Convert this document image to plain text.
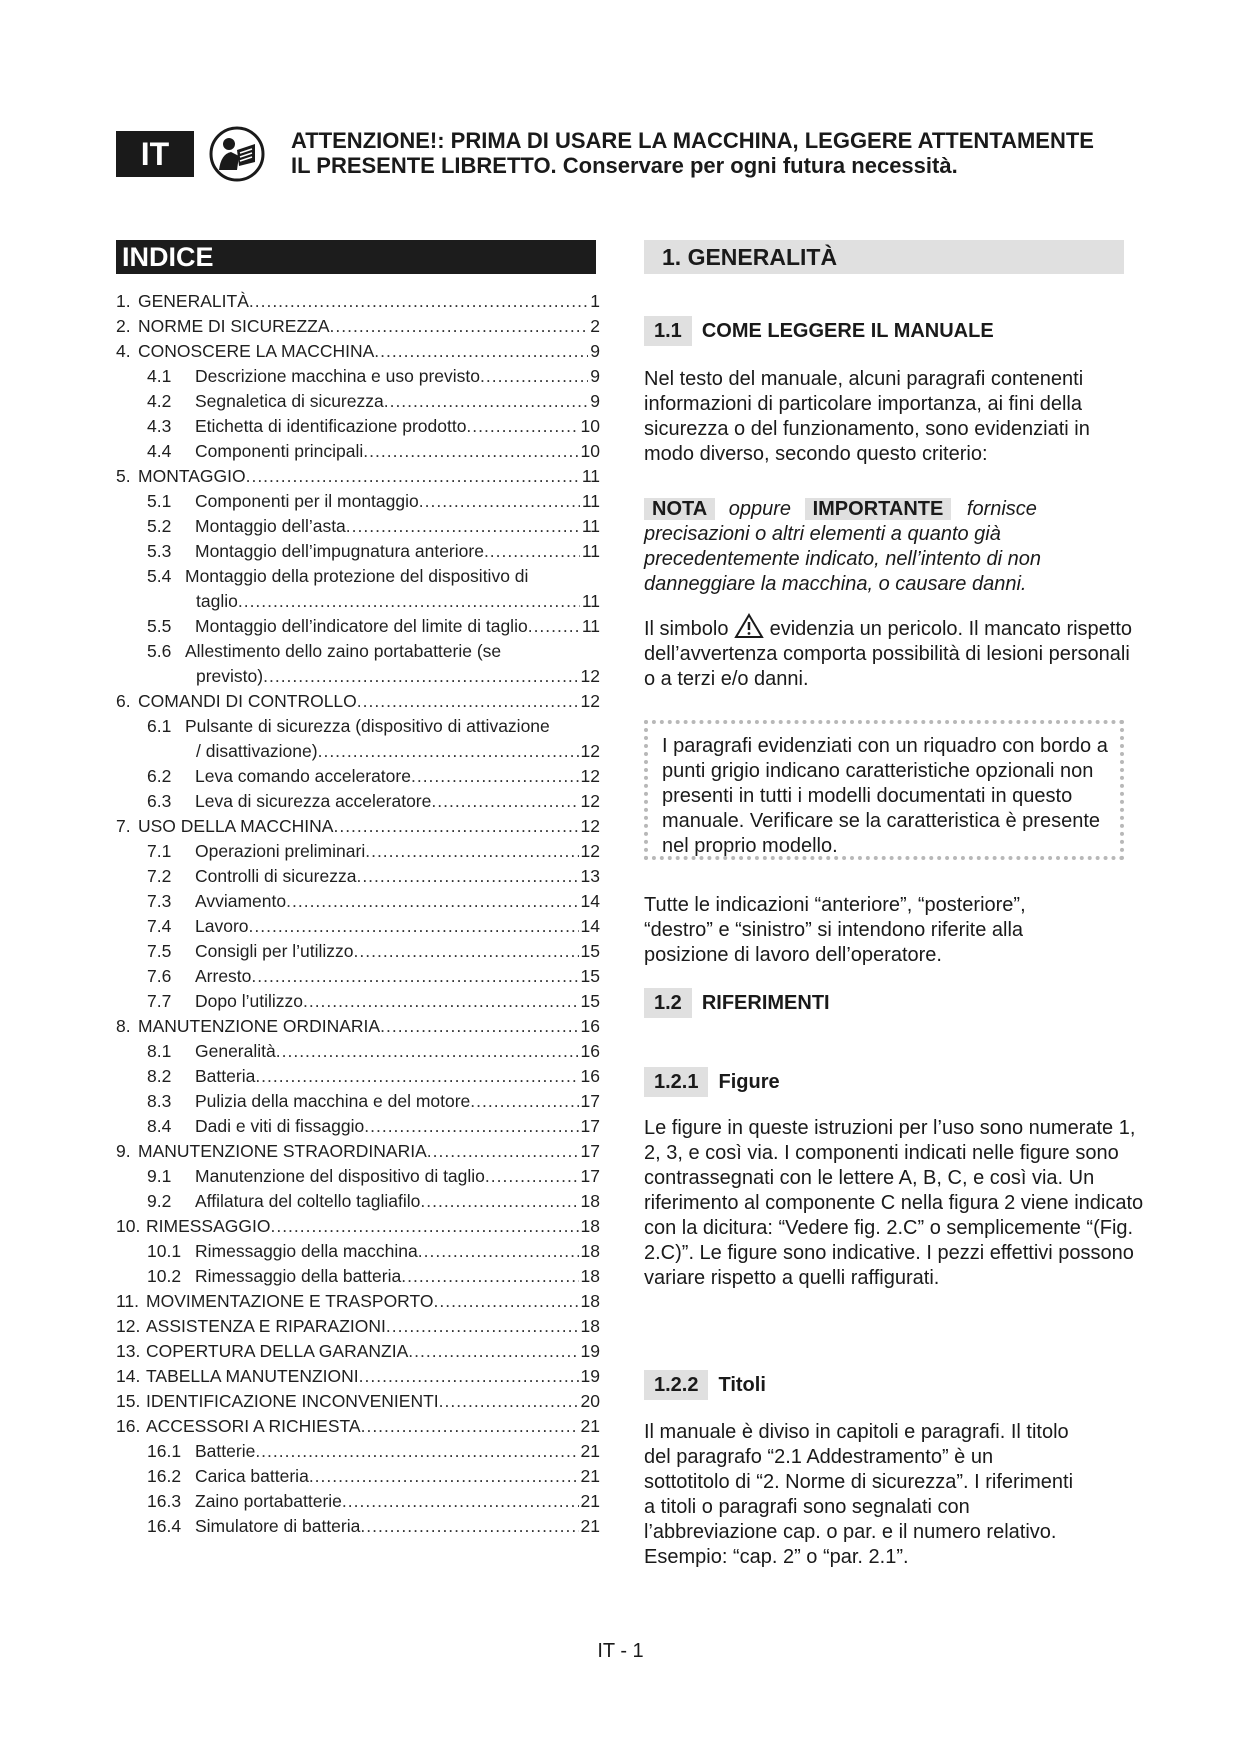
IT	ATTENZIONE!: PRIMA DI USARE LA MACCHINA, LEGGERE ATTENTAMENTE
IL PRESENTE LIBRETTO. Conservare per ogni futura necessità.
INDICE
1. GENERALITÀ .....	1
2. NORME DI SICUREZZA .....	2
4. CONOSCERE LA MACCHINA .....	9
4.1	Descrizione macchina e uso previsto .....	9
4.2	Segnaletica di sicurezza .....	9
4.3	Etichetta di identificazione prodotto .....	10
4.4	Componenti principali .....	10
5. MONTAGGIO .....	11
5.1	Componenti per il montaggio .....	11
5.2	Montaggio dell’asta .....	11
5.3	Montaggio dell’impugnatura anteriore .....	11
5.4 Montaggio della protezione del dispositivo di
taglio .....	11
5.5	Montaggio dell’indicatore del limite di taglio .....	11
5.6 Allestimento dello zaino portabatterie (se
previsto) .....	12
6. COMANDI DI CONTROLLO .....	12
6.1 Pulsante di sicurezza (dispositivo di attivazione
/ disattivazione) .....	12
6.2	Leva comando acceleratore .....	12
6.3	Leva di sicurezza acceleratore .....	12
7. USO DELLA MACCHINA .....	12
7.1	Operazioni preliminari .....	12
7.2	Controlli di sicurezza .....	13
7.3	Avviamento .....	14
7.4	Lavoro .....	14
7.5	Consigli per l’utilizzo .....	15
7.6	Arresto .....	15
7.7	Dopo l’utilizzo .....	15
8. MANUTENZIONE ORDINARIA .....	16
8.1	Generalità .....	16
8.2	Batteria .....	16
8.3	Pulizia della macchina e del motore .....	17
8.4	Dadi e viti di fissaggio .....	17
9. MANUTENZIONE STRAORDINARIA .....	17
9.1	Manutenzione del dispositivo di taglio .....	17
9.2	Affilatura del coltello tagliafilo .....	18
10. RIMESSAGGIO .....	18
10.1 Rimessaggio della macchina .....	18
10.2 Rimessaggio della batteria .....	18
11. MOVIMENTAZIONE E TRASPORTO .....	18
12. ASSISTENZA E RIPARAZIONI .....	18
13. COPERTURA DELLA GARANZIA .....	19
14. TABELLA MANUTENZIONI .....	19
15. IDENTIFICAZIONE INCONVENIENTI .....	20
16. ACCESSORI A RICHIESTA .....	21
16.1 Batterie .....	21
16.2 Carica batteria .....	21
16.3 Zaino portabatterie .....	21
16.4 Simulatore di batteria .....	21
1. GENERALITÀ
1.1	COME LEGGERE IL MANUALE
Nel testo del manuale, alcuni paragrafi contenenti informazioni di particolare importanza, ai fini della sicurezza o del funzionamento, sono evidenziati in modo diverso, secondo questo criterio:
NOTA oppure IMPORTANTE fornisce precisazioni o altri elementi a quanto già precedentemente indicato, nell’intento di non danneggiare la macchina, o causare danni.
Il simbolo evidenzia un pericolo. Il mancato rispetto dell’avvertenza comporta possibilità di lesioni personali o a terzi e/o danni.
I paragrafi evidenziati con un riquadro con bordo a punti grigio indicano caratteristiche opzionali non presenti in tutti i modelli documentati in questo manuale. Verificare se la caratteristica è presente nel proprio modello.
Tutte le indicazioni “anteriore”, “posteriore”, “destro” e “sinistro” si intendono riferite alla posizione di lavoro dell’operatore.
1.2	RIFERIMENTI
1.2.1	Figure
Le figure in queste istruzioni per l’uso sono numerate 1, 2, 3, e così via. I componenti indicati nelle figure sono contrassegnati con le lettere A, B, C, e così via. Un riferimento al componente C nella figura 2 viene indicato con la dicitura: “Vedere fig. 2.C” o semplicemente “(Fig. 2.C)”. Le figure sono indicative. I pezzi effettivi possono variare rispetto a quelli raffigurati.
1.2.2	Titoli
Il manuale è diviso in capitoli e paragrafi. Il titolo del paragrafo “2.1 Addestramento” è un sottotitolo di “2. Norme di sicurezza”. I riferimenti a titoli o paragrafi sono segnalati con l’abbreviazione cap. o par. e il numero relativo. Esempio: “cap. 2” o “par. 2.1”.
IT - 1
